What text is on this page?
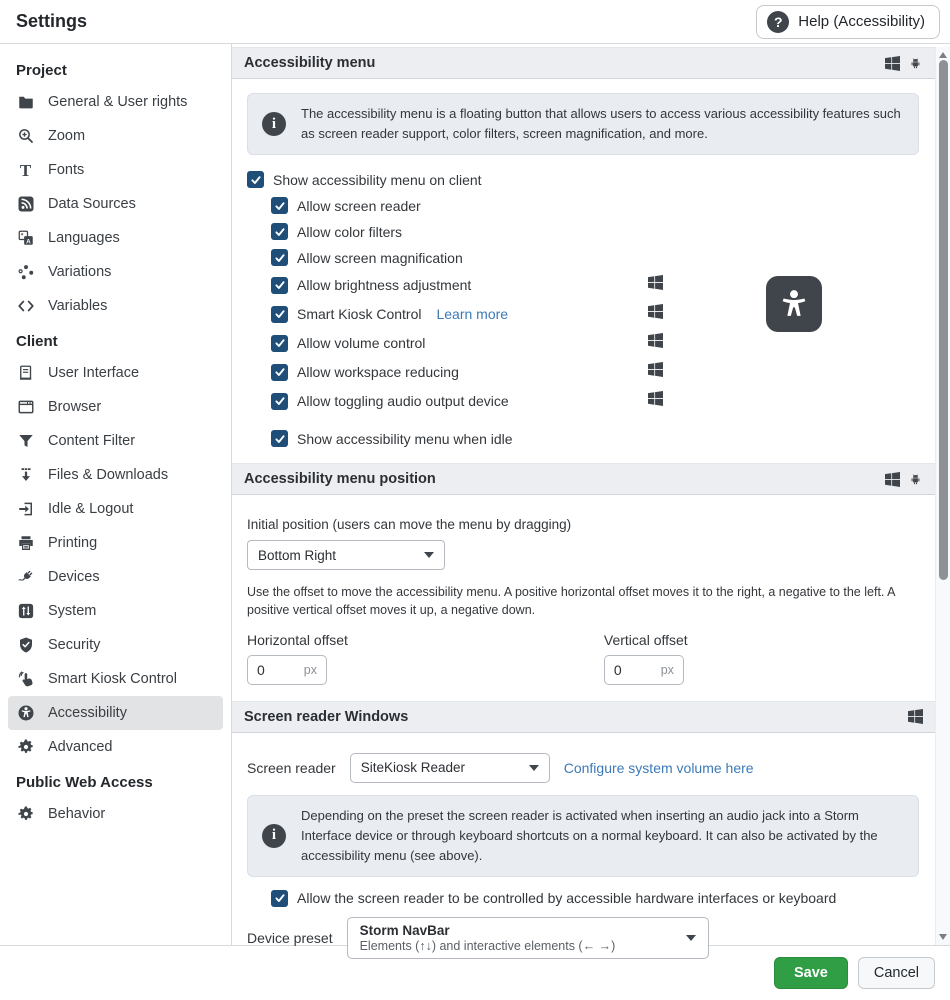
Settings	?	Help (Accessibility)
Project
General & User rights
Zoom
T Fonts
Data Sources
*
A Languages
Variations
Variables
Client
User Interface
Browser
Content Filter
Files & Downloads
Idle & Logout
Printing
Devices
System
Security
Smart Kiosk Control
Accessibility
Advanced
Public Web Access
Behavior
Accessibility menu
i

The accessibility menu is a floating button that allows users to access various accessibility features such as screen reader support, color filters, screen magnification, and more.

Show accessibility menu on client
Allow screen reader
Allow color filters
Allow screen magnification
Allow brightness adjustment
Smart Kiosk Control Learn more
Allow volume control
Allow workspace reducing
Allow toggling audio output device
Show accessibility menu when idle
Accessibility menu position
Initial position (users can move the menu by dragging)
Bottom Right

Use the offset to move the accessibility menu. A positive horizontal offset moves it to the right, a negative to the left. A positive vertical offset moves it up, a negative down.

Horizontal offset
0
px
Vertical offset
0
px
Screen reader Windows
Screen reader SiteKiosk Reader	Configure system volume here
i

Depending on the preset the screen reader is activated when inserting an audio jack into a Storm Interface device or through keyboard shortcuts on a normal keyboard. It can also be activated by the accessibility menu (see above).

Allow the screen reader to be controlled by accessible hardware interfaces or keyboard
Device preset Storm NavBar
Elements (↑↓) and interactive elements (← →)
Save	Cancel
